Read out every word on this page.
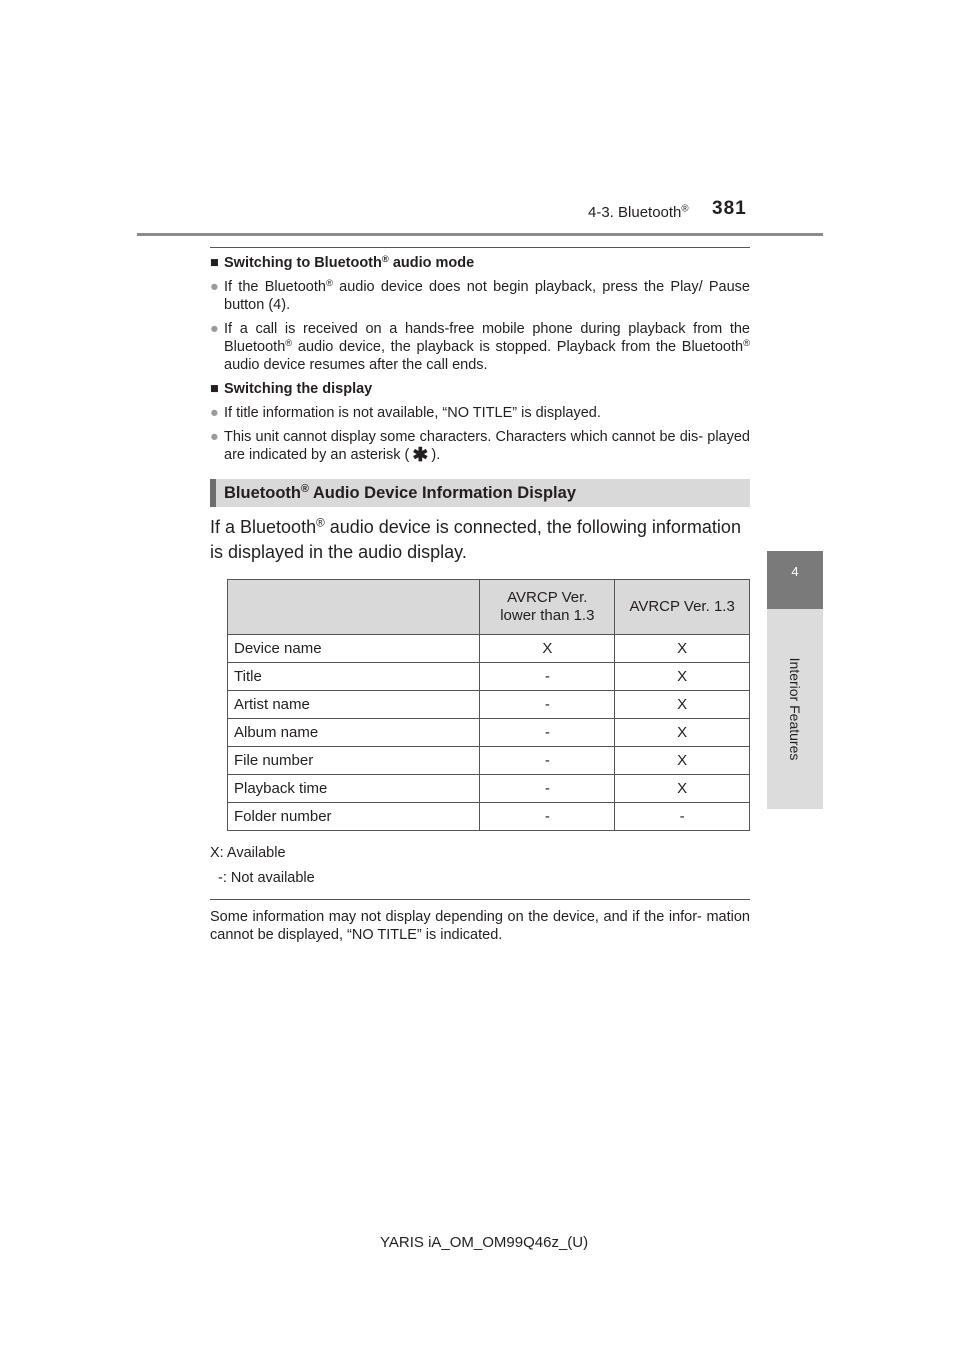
4-3. Bluetooth® 381
4
Interior Features
■ Switching to Bluetooth® audio mode
● If the Bluetooth® audio device does not begin playback, press the Play/ Pause button (4).
● If a call is received on a hands-free mobile phone during playback from the Bluetooth® audio device, the playback is stopped. Playback from the Bluetooth® audio device resumes after the call ends.
■ Switching the display
● If title information is not available, “NO TITLE” is displayed.
● This unit cannot display some characters. Characters which cannot be dis- played are indicated by an asterisk ( ✱ ).
Bluetooth® Audio Device Information Display
If a Bluetooth® audio device is connected, the following information is displayed in the audio display.
	AVRCP Ver. lower than 1.3	AVRCP Ver. 1.3
Device name	X	X
Title	-	X
Artist name	-	X
Album name	-	X
File number	-	X
Playback time	-	X
Folder number	-	-
X: Available
-: Not available
Some information may not display depending on the device, and if the infor- mation cannot be displayed, “NO TITLE” is indicated.
YARIS iA_OM_OM99Q46z_(U)
